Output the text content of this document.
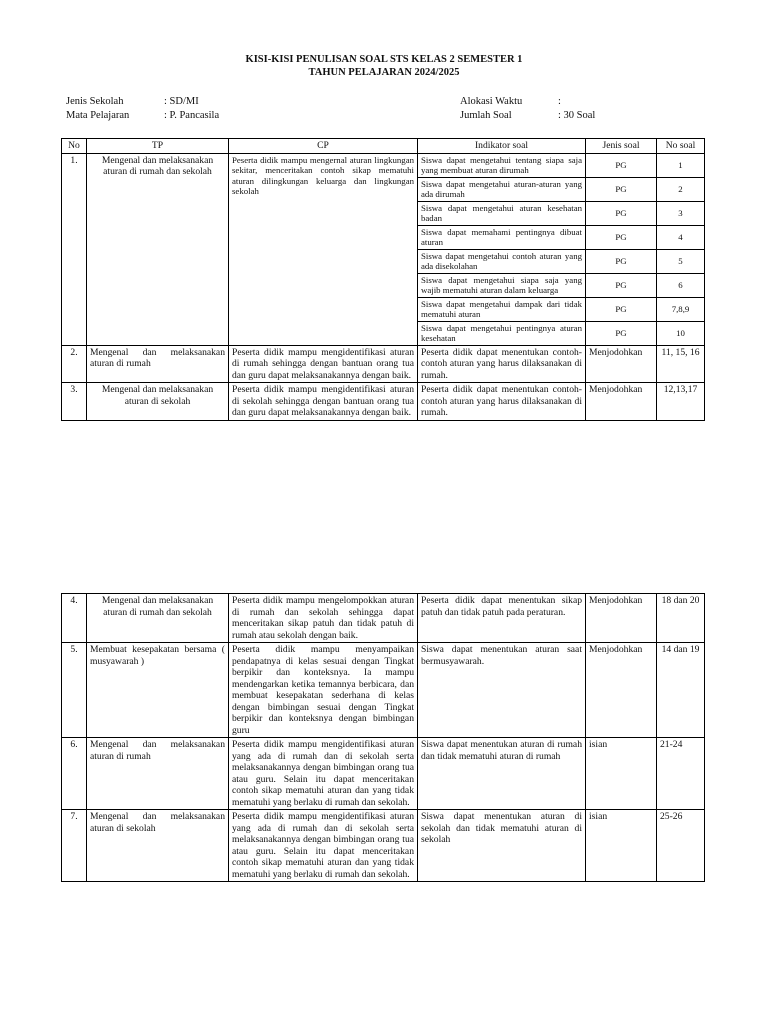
KISI-KISI PENULISAN SOAL STS KELAS 2 SEMESTER 1
TAHUN PELAJARAN 2024/2025
Jenis Sekolah	: SD/MI
Mata Pelajaran	: P. Pancasila
Alokasi Waktu	:
Jumlah Soal	: 30 Soal
No	TP	CP	Indikator soal	Jenis soal	No soal
1.	Mengenal dan melaksanakan aturan di rumah dan sekolah	Peserta didik mampu mengernal aturan lingkungan sekitar, menceritakan contoh sikap mematuhi aturan dilingkungan keluarga dan lingkungan sekolah	Siswa dapat mengetahui tentang siapa saja yang membuat aturan dirumah	PG	1
			Siswa dapat mengetahui aturan-aturan yang ada dirumah	PG	2
			Siswa dapat mengetahui aturan kesehatan badan	PG	3
			Siswa dapat memahami pentingnya dibuat aturan	PG	4
			Siswa dapat mengetahui contoh aturan yang ada disekolahan	PG	5
			Siswa dapat mengetahui siapa saja yang wajib mematuhi aturan dalam keluarga	PG	6
			Siswa dapat mengetahui dampak dari tidak mematuhi aturan	PG	7,8,9
			Siswa dapat mengetahui pentingnya aturan kesehatan	PG	10
2.	Mengenal dan melaksanakan aturan di rumah	Peserta didik mampu mengidentifikasi aturan di rumah sehingga dengan bantuan orang tua dan guru dapat melaksanakannya dengan baik.	Peserta didik dapat menentukan contoh-contoh aturan yang harus dilaksanakan di rumah.	Menjodohkan	11, 15, 16
3.	Mengenal dan melaksanakan aturan di sekolah	Peserta didik mampu mengidentifikasi aturan di sekolah sehingga dengan bantuan orang tua dan guru dapat melaksanakannya dengan baik.	Peserta didik dapat menentukan contoh-contoh aturan yang harus dilaksanakan di rumah.	Menjodohkan	12,13,17
4.	Mengenal dan melaksanakan aturan di rumah dan sekolah	Peserta didik mampu mengelompokkan aturan di rumah dan sekolah sehingga dapat menceritakan sikap patuh dan tidak patuh di rumah atau sekolah dengan baik.	Peserta didik dapat menentukan sikap patuh dan tidak patuh pada peraturan.	Menjodohkan	18 dan 20
5.	Membuat kesepakatan bersama ( musyawarah )	Peserta didik mampu menyampaikan pendapatnya di kelas sesuai dengan Tingkat berpikir dan konteksnya. Ia mampu mendengarkan ketika temannya berbicara, dan membuat kesepakatan sederhana di kelas dengan bimbingan sesuai dengan Tingkat berpikir dan konteksnya dengan bimbingan guru	Siswa dapat menentukan aturan saat bermusyawarah.	Menjodohkan	14 dan 19
6.	Mengenal dan melaksanakan aturan di rumah	Peserta didik mampu mengidentifikasi aturan yang ada di rumah dan di sekolah serta melaksanakannya dengan bimbingan orang tua atau guru. Selain itu dapat menceritakan contoh sikap mematuhi aturan dan yang tidak mematuhi yang berlaku di rumah dan sekolah.	Siswa dapat menentukan aturan di rumah dan tidak mematuhi aturan di rumah	isian	21-24
7.	Mengenal dan melaksanakan aturan di sekolah	Peserta didik mampu mengidentifikasi aturan yang ada di rumah dan di sekolah serta melaksanakannya dengan bimbingan orang tua atau guru. Selain itu dapat menceritakan contoh sikap mematuhi aturan dan yang tidak mematuhi yang berlaku di rumah dan sekolah.	Siswa dapat menentukan aturan di sekolah dan tidak mematuhi aturan di sekolah	isian	25-26
